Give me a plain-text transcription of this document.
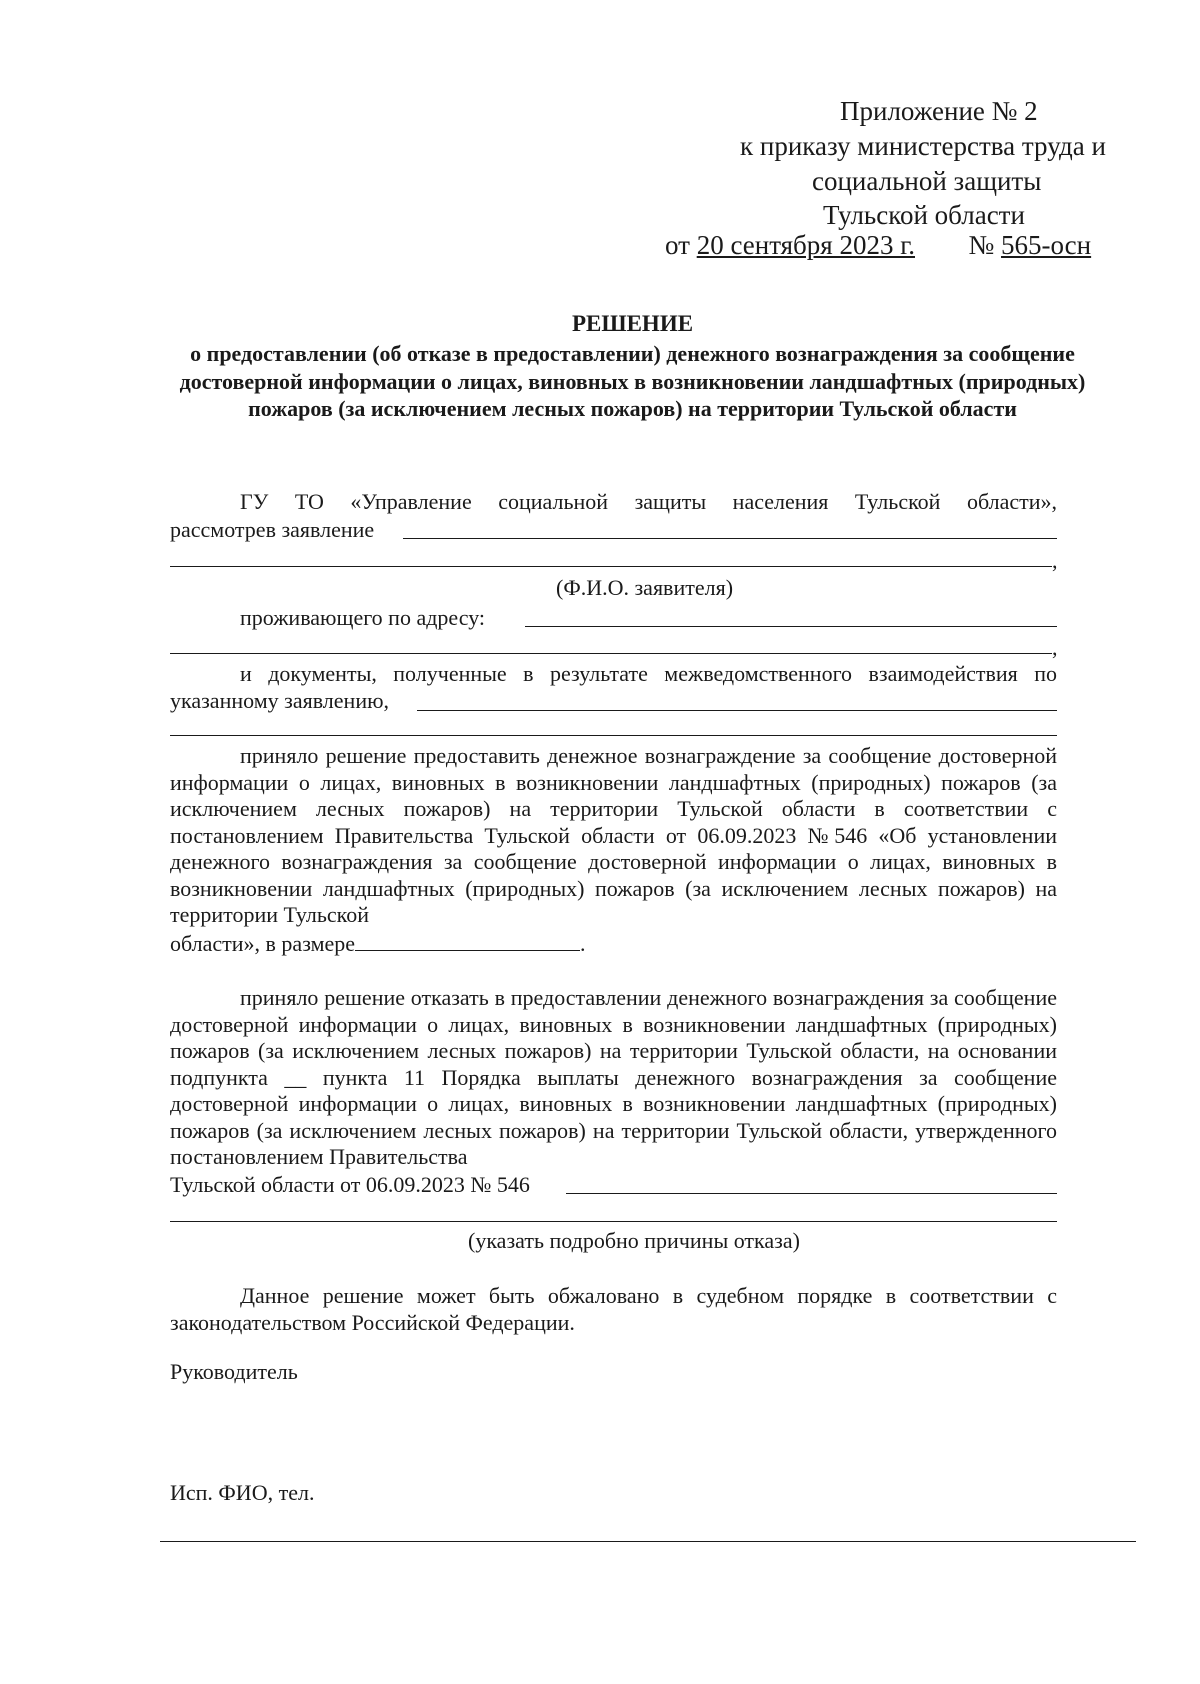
Приложение № 2
к приказу министерства труда и
социальной защиты
Тульской области
от 20 сентября 2023 г. № 565-осн
РЕШЕНИЕ
о предоставлении (об отказе в предоставлении) денежного вознаграждения за сообщение достоверной информации о лицах, виновных в возникновении ландшафтных (природных) пожаров (за исключением лесных пожаров) на территории Тульской области
ГУ ТО «Управление социальной защиты населения Тульской области»,
рассмотрев заявление
,
(Ф.И.О. заявителя)
проживающего по адресу:
,
и документы, полученные в результате межведомственного взаимодействия по
указанному заявлению,
приняло решение предоставить денежное вознаграждение за сообщение достоверной информации о лицах, виновных в возникновении ландшафтных (природных) пожаров (за исключением лесных пожаров) на территории Тульской области в соответствии с постановлением Правительства Тульской области от 06.09.2023 №546 «Об установлении денежного вознаграждения за сообщение достоверной информации о лицах, виновных в возникновении ландшафтных (природных) пожаров (за исключением лесных пожаров) на территории Тульской
области», в размере	.
приняло решение отказать в предоставлении денежного вознаграждения за сообщение достоверной информации о лицах, виновных в возникновении ландшафтных (природных) пожаров (за исключением лесных пожаров) на территории Тульской области, на основании подпункта __ пункта 11 Порядка выплаты денежного вознаграждения за сообщение достоверной информации о лицах, виновных в возникновении ландшафтных (природных) пожаров (за исключением лесных пожаров) на территории Тульской области, утвержденного постановлением Правительства
Тульской области от 06.09.2023 № 546
(указать подробно причины отказа)
Данное решение может быть обжаловано в судебном порядке в соответствии с законодательством Российской Федерации.
Руководитель
Исп. ФИО, тел.
